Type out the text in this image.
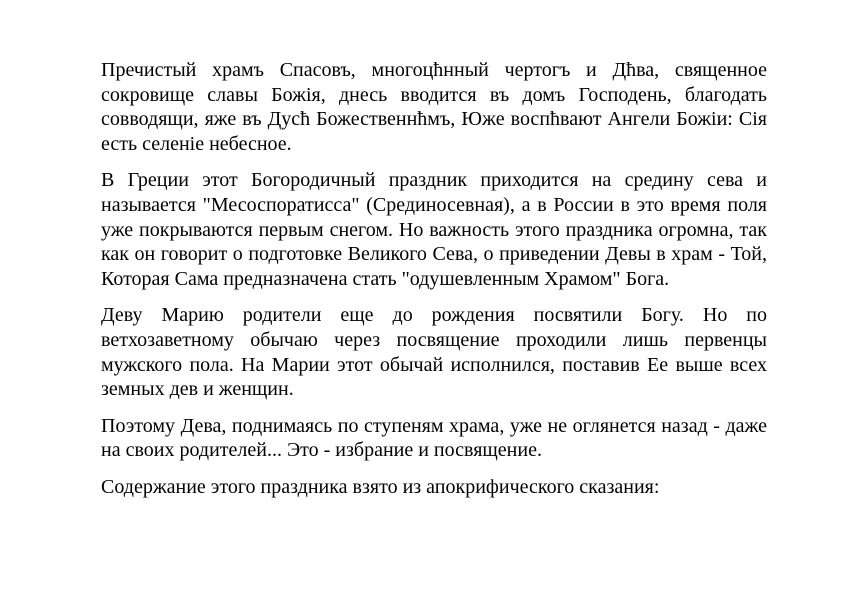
Пречистый храмъ Спасовъ, многоцћнный чертогъ и Дћва, священное сокровище славы Божія, днесь вводится въ домъ Господень, благодать совводящи, яже въ Дусћ Божественнћмъ, Юже воспћвают Ангели Божіи: Сія есть селеніе небесное.

В Греции этот Богородичный праздник приходится на средину сева и называется "Месоспоратисса" (Срединосевная), а в России в это время поля уже покрываются первым снегом. Но важность этого праздника огромна, так как он говорит о подготовке Великого Сева, о приведении Девы в храм - Той, Которая Сама предназначена стать "одушевленным Храмом" Бога.

Деву Марию родители еще до рождения посвятили Богу. Но по ветхозаветному обычаю через посвящение проходили лишь первенцы мужского пола. На Марии этот обычай исполнился, поставив Ее выше всех земных дев и женщин.

Поэтому Дева, поднимаясь по ступеням храма, уже не оглянется назад - даже на своих родителей... Это - избрание и посвящение.

Содержание этого праздника взято из апокрифического сказания:
